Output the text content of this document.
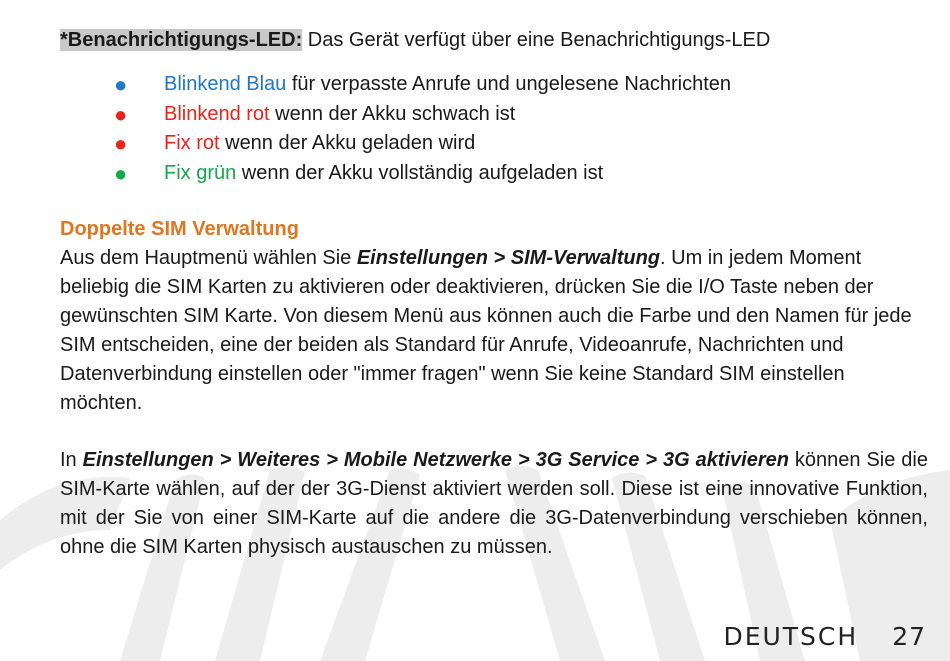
*Benachrichtigungs-LED: Das Gerät verfügt über eine Benachrichtigungs-LED
● Blinkend Blau für verpasste Anrufe und ungelesene Nachrichten
● Blinkend rot wenn der Akku schwach ist
● Fix rot wenn der Akku geladen wird
● Fix grün wenn der Akku vollständig aufgeladen ist
Doppelte SIM Verwaltung

Aus dem Hauptmenü wählen Sie Einstellungen > SIM-Verwaltung. Um in jedem Moment beliebig die SIM Karten zu aktivieren oder deaktivieren, drücken Sie die I/O Taste neben der gewünschten SIM Karte. Von diesem Menü aus können auch die Farbe und den Namen für jede SIM entscheiden, eine der beiden als Standard für Anrufe, Videoanrufe, Nachrichten und Datenverbindung einstellen oder "immer fragen" wenn Sie keine Standard SIM einstellen möchten.

In Einstellungen > Weiteres > Mobile Netzwerke > 3G Service > 3G aktivieren können Sie die SIM-Karte wählen, auf der der 3G-Dienst aktiviert werden soll. Diese ist eine innovative Funktion, mit der Sie von einer SIM-Karte auf die andere die 3G-Datenverbindung verschieben können, ohne die SIM Karten physisch austauschen zu müssen.

DEUTSCH 27
